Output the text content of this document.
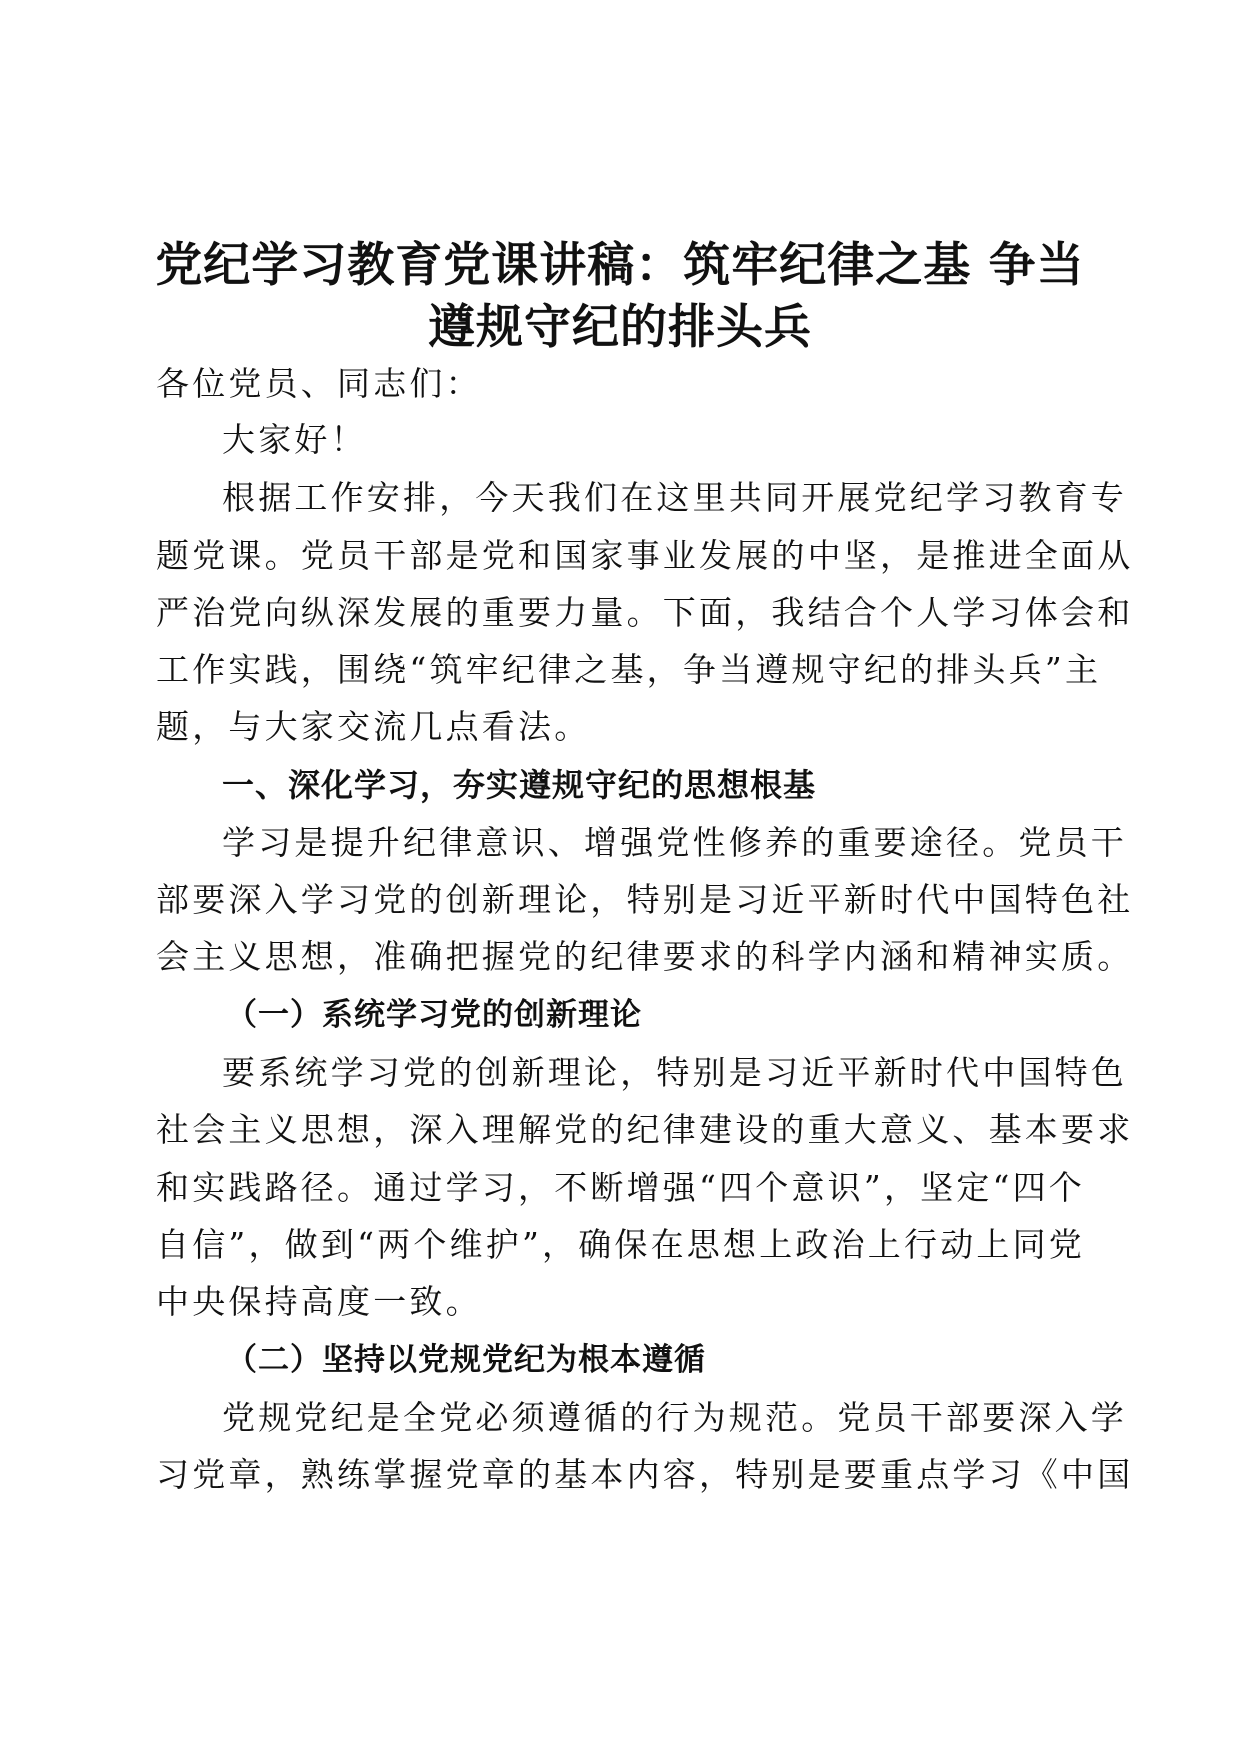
党纪学习教育党课讲稿：筑牢纪律之基 争当
遵规守纪的排头兵

各位党员、同志们：

大家好！

根据工作安排，今天我们在这里共同开展党纪学习教育专

题党课。党员干部是党和国家事业发展的中坚，是推进全面从

严治党向纵深发展的重要力量。下面，我结合个人学习体会和

工作实践，围绕“筑牢纪律之基，争当遵规守纪的排头兵”主

题，与大家交流几点看法。

一、深化学习，夯实遵规守纪的思想根基

学习是提升纪律意识、增强党性修养的重要途径。党员干

部要深入学习党的创新理论，特别是习近平新时代中国特色社

会主义思想，准确把握党的纪律要求的科学内涵和精神实质。

（一）系统学习党的创新理论

要系统学习党的创新理论，特别是习近平新时代中国特色

社会主义思想，深入理解党的纪律建设的重大意义、基本要求

和实践路径。通过学习，不断增强“四个意识”，坚定“四个

自信”，做到“两个维护”，确保在思想上政治上行动上同党

中央保持高度一致。

（二）坚持以党规党纪为根本遵循

党规党纪是全党必须遵循的行为规范。党员干部要深入学

习党章，熟练掌握党章的基本内容，特别是要重点学习《中国
